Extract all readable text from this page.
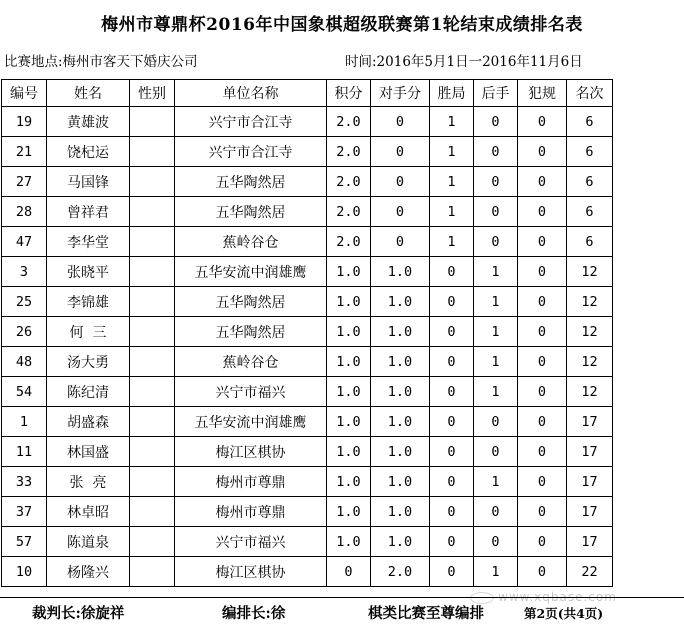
梅州市尊鼎杯2016年中国象棋超级联赛第1轮结束成绩排名表
比赛地点:梅州市客天下婚庆公司	时间:2016年5月1日一2016年11月6日
编号	姓名	性别	单位名称	积分	对手分	胜局	后手	犯规	名次
19	黄雄波		兴宁市合江寺	2.0	0	1	0	0	6
21	饶杞运		兴宁市合江寺	2.0	0	1	0	0	6
27	马国锋		五华陶然居	2.0	0	1	0	0	6
28	曾祥君		五华陶然居	2.0	0	1	0	0	6
47	李华堂		蕉岭谷仓	2.0	0	1	0	0	6
3	张晓平		五华安流中润雄鹰	1.0	1.0	0	1	0	12
25	李锦雄		五华陶然居	1.0	1.0	0	1	0	12
26	何  三		五华陶然居	1.0	1.0	0	1	0	12
48	汤大勇		蕉岭谷仓	1.0	1.0	0	1	0	12
54	陈纪清		兴宁市福兴	1.0	1.0	0	1	0	12
1	胡盛森		五华安流中润雄鹰	1.0	1.0	0	0	0	17
11	林国盛		梅江区棋协	1.0	1.0	0	0	0	17
33	张  亮		梅州市尊鼎	1.0	1.0	0	1	0	17
37	林卓昭		梅州市尊鼎	1.0	1.0	0	0	0	17
57	陈道泉		兴宁市福兴	1.0	1.0	0	0	0	17
10	杨隆兴		梅江区棋协	0	2.0	0	1	0	22
www.xqbase.com
裁判长:徐旋祥	编排长:徐	棋类比赛至尊编排	第2页(共4页)
